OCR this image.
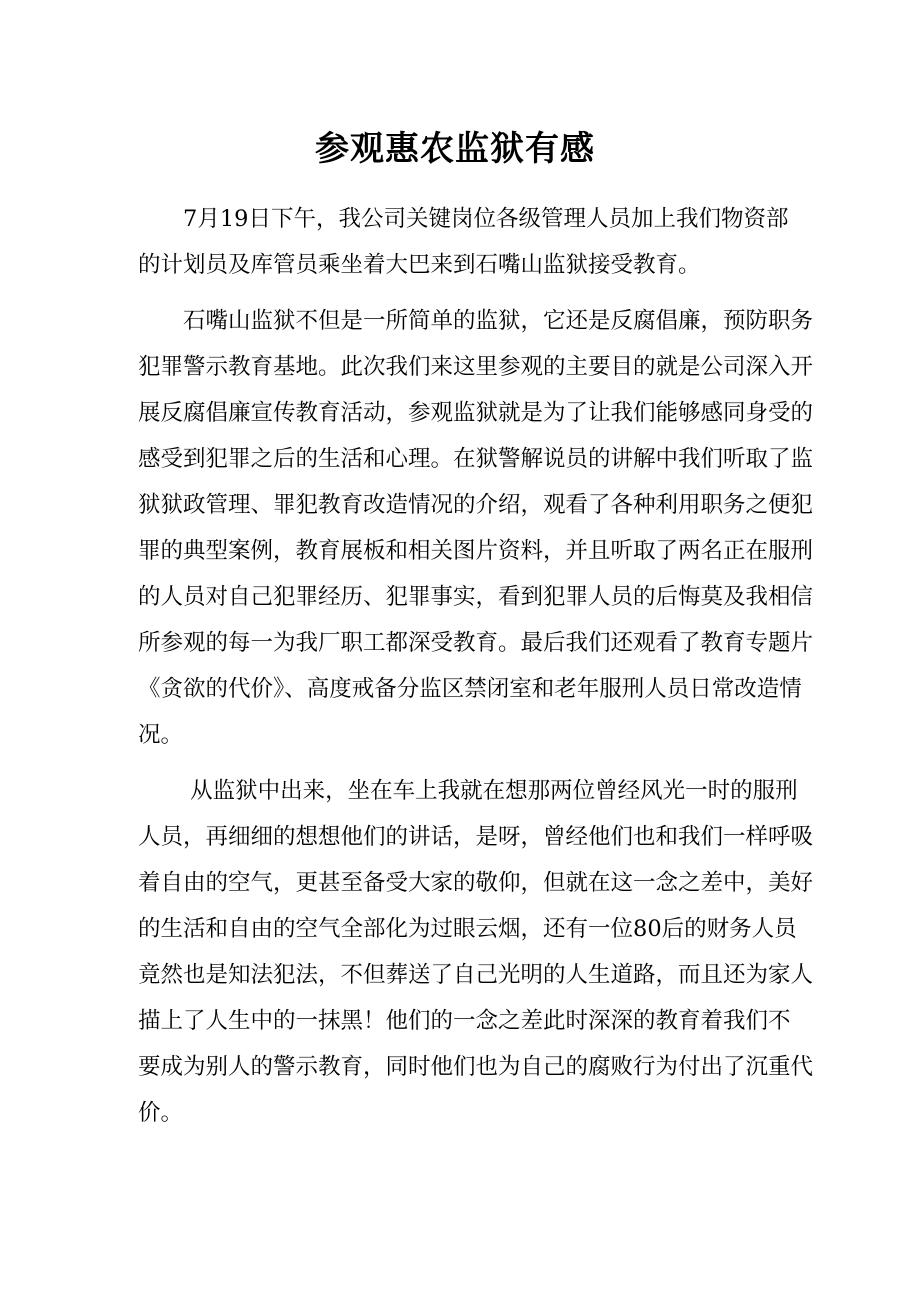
参观惠农监狱有感
　　7月19日下午，我公司关键岗位各级管理人员加上我们物资部
的计划员及库管员乘坐着大巴来到石嘴山监狱接受教育。
　　石嘴山监狱不但是一所简单的监狱，它还是反腐倡廉，预防职务
犯罪警示教育基地。此次我们来这里参观的主要目的就是公司深入开
展反腐倡廉宣传教育活动，参观监狱就是为了让我们能够感同身受的
感受到犯罪之后的生活和心理。在狱警解说员的讲解中我们听取了监
狱狱政管理、罪犯教育改造情况的介绍，观看了各种利用职务之便犯
罪的典型案例，教育展板和相关图片资料，并且听取了两名正在服刑
的人员对自己犯罪经历、犯罪事实，看到犯罪人员的后悔莫及我相信
所参观的每一为我厂职工都深受教育。最后我们还观看了教育专题片
《贪欲的代价》、高度戒备分监区禁闭室和老年服刑人员日常改造情
况。
　　 从监狱中出来，坐在车上我就在想那两位曾经风光一时的服刑
人员，再细细的想想他们的讲话，是呀，曾经他们也和我们一样呼吸
着自由的空气，更甚至备受大家的敬仰，但就在这一念之差中，美好
的生活和自由的空气全部化为过眼云烟，还有一位80后的财务人员
竟然也是知法犯法，不但葬送了自己光明的人生道路，而且还为家人
描上了人生中的一抹黑！他们的一念之差此时深深的教育着我们不
要成为别人的警示教育，同时他们也为自己的腐败行为付出了沉重代
价。
